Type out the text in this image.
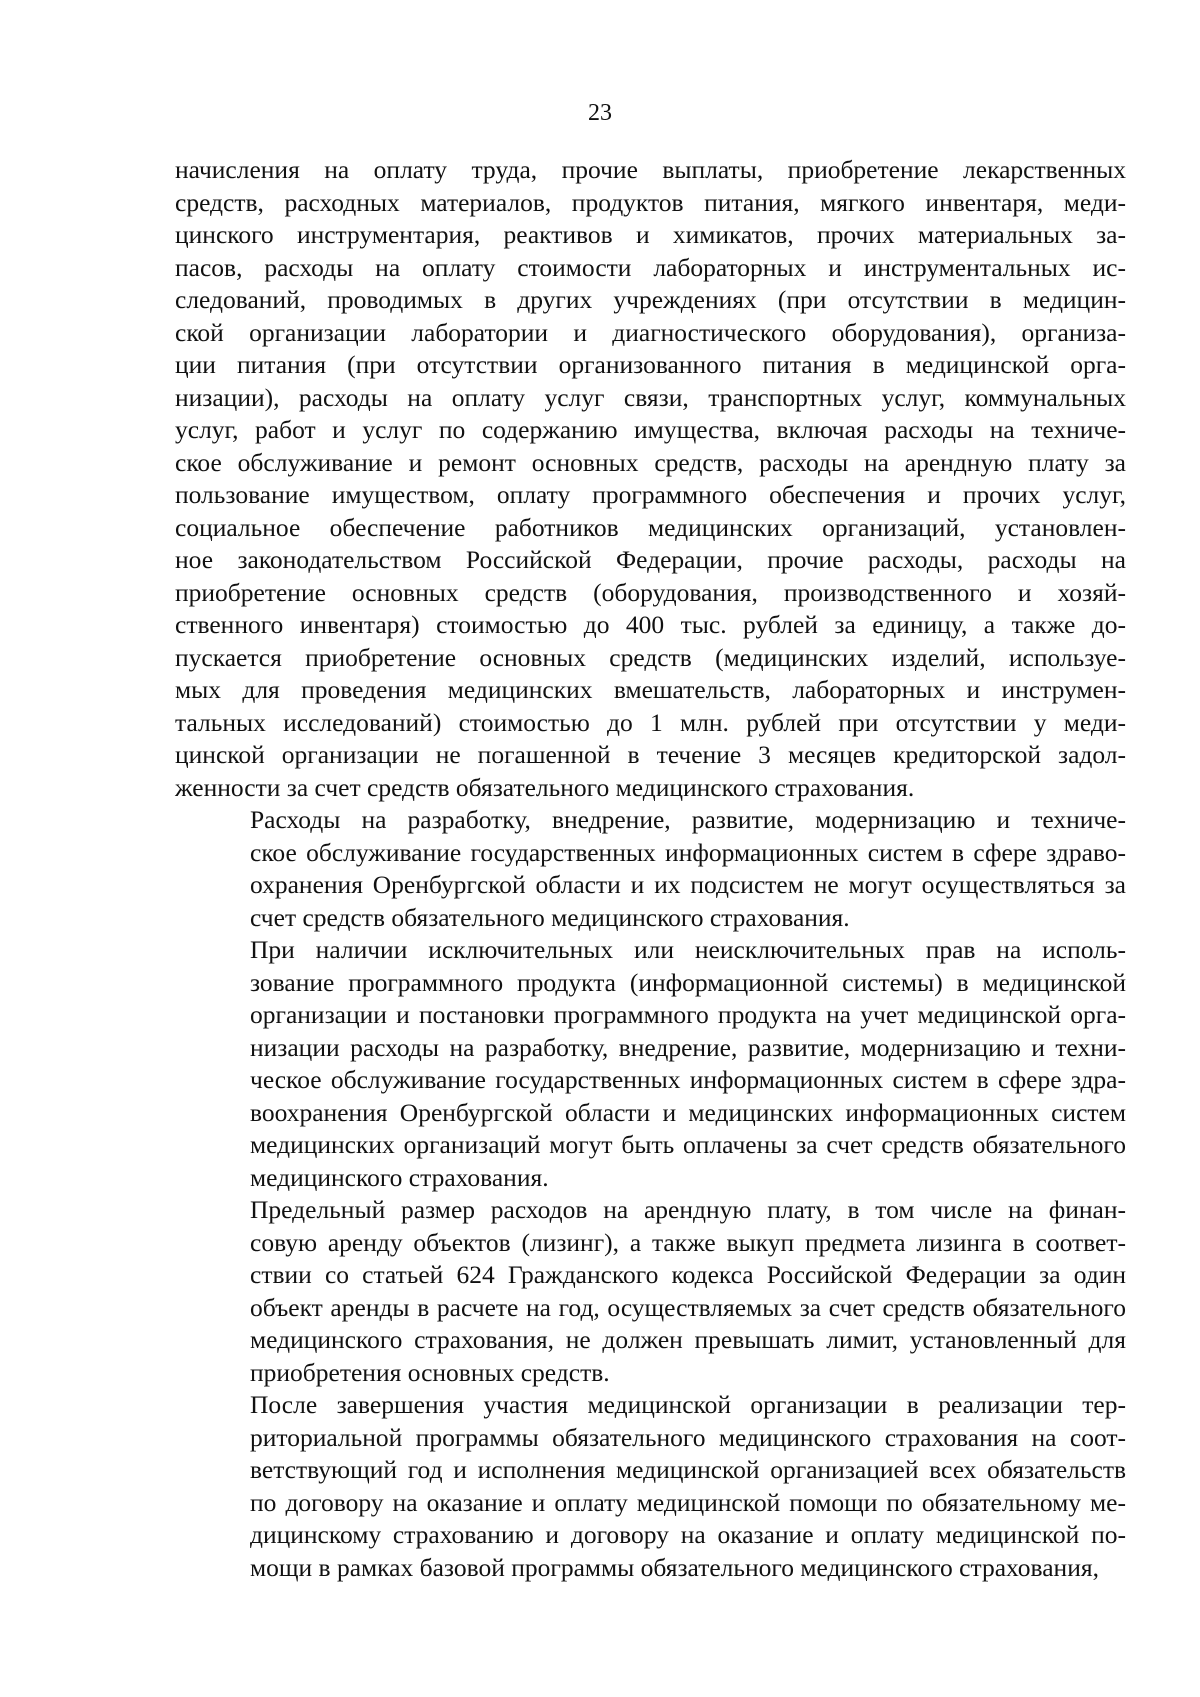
23

начисления на оплату труда, прочие выплаты, приобретение лекарственных
средств, расходных материалов, продуктов питания, мягкого инвентаря, меди-
цинского инструментария, реактивов и химикатов, прочих материальных за-
пасов, расходы на оплату стоимости лабораторных и инструментальных ис-
следований, проводимых в других учреждениях (при отсутствии в медицин-
ской организации лаборатории и диагностического оборудования), организа-
ции питания (при отсутствии организованного питания в медицинской орга-
низации), расходы на оплату услуг связи, транспортных услуг, коммунальных
услуг, работ и услуг по содержанию имущества, включая расходы на техниче-
ское обслуживание и ремонт основных средств, расходы на арендную плату за
пользование имуществом, оплату программного обеспечения и прочих услуг,
социальное обеспечение работников медицинских организаций, установлен-
ное законодательством Российской Федерации, прочие расходы, расходы на
приобретение основных средств (оборудования, производственного и хозяй-
ственного инвентаря) стоимостью до 400 тыс. рублей за единицу, а также до-
пускается приобретение основных средств (медицинских изделий, используе-
мых для проведения медицинских вмешательств, лабораторных и инструмен-
тальных исследований) стоимостью до 1 млн. рублей при отсутствии у меди-
цинской организации не погашенной в течение 3 месяцев кредиторской задол-
женности за счет средств обязательного медицинского страхования.

Расходы на разработку, внедрение, развитие, модернизацию и техниче-
ское обслуживание государственных информационных систем в сфере здраво-
охранения Оренбургской области и их подсистем не могут осуществляться за
счет средств обязательного медицинского страхования.

При наличии исключительных или неисключительных прав на исполь-
зование программного продукта (информационной системы) в медицинской
организации и постановки программного продукта на учет медицинской орга-
низации расходы на разработку, внедрение, развитие, модернизацию и техни-
ческое обслуживание государственных информационных систем в сфере здра-
воохранения Оренбургской области и медицинских информационных систем
медицинских организаций могут быть оплачены за счет средств обязательного
медицинского страхования.

Предельный размер расходов на арендную плату, в том числе на финан-
совую аренду объектов (лизинг), а также выкуп предмета лизинга в соответ-
ствии со статьей 624 Гражданского кодекса Российской Федерации за один
объект аренды в расчете на год, осуществляемых за счет средств обязательного
медицинского страхования, не должен превышать лимит, установленный для
приобретения основных средств.

После завершения участия медицинской организации в реализации тер-
риториальной программы обязательного медицинского страхования на соот-
ветствующий год и исполнения медицинской организацией всех обязательств
по договору на оказание и оплату медицинской помощи по обязательному ме-
дицинскому страхованию и договору на оказание и оплату медицинской по-
мощи в рамках базовой программы обязательного медицинского страхования,
